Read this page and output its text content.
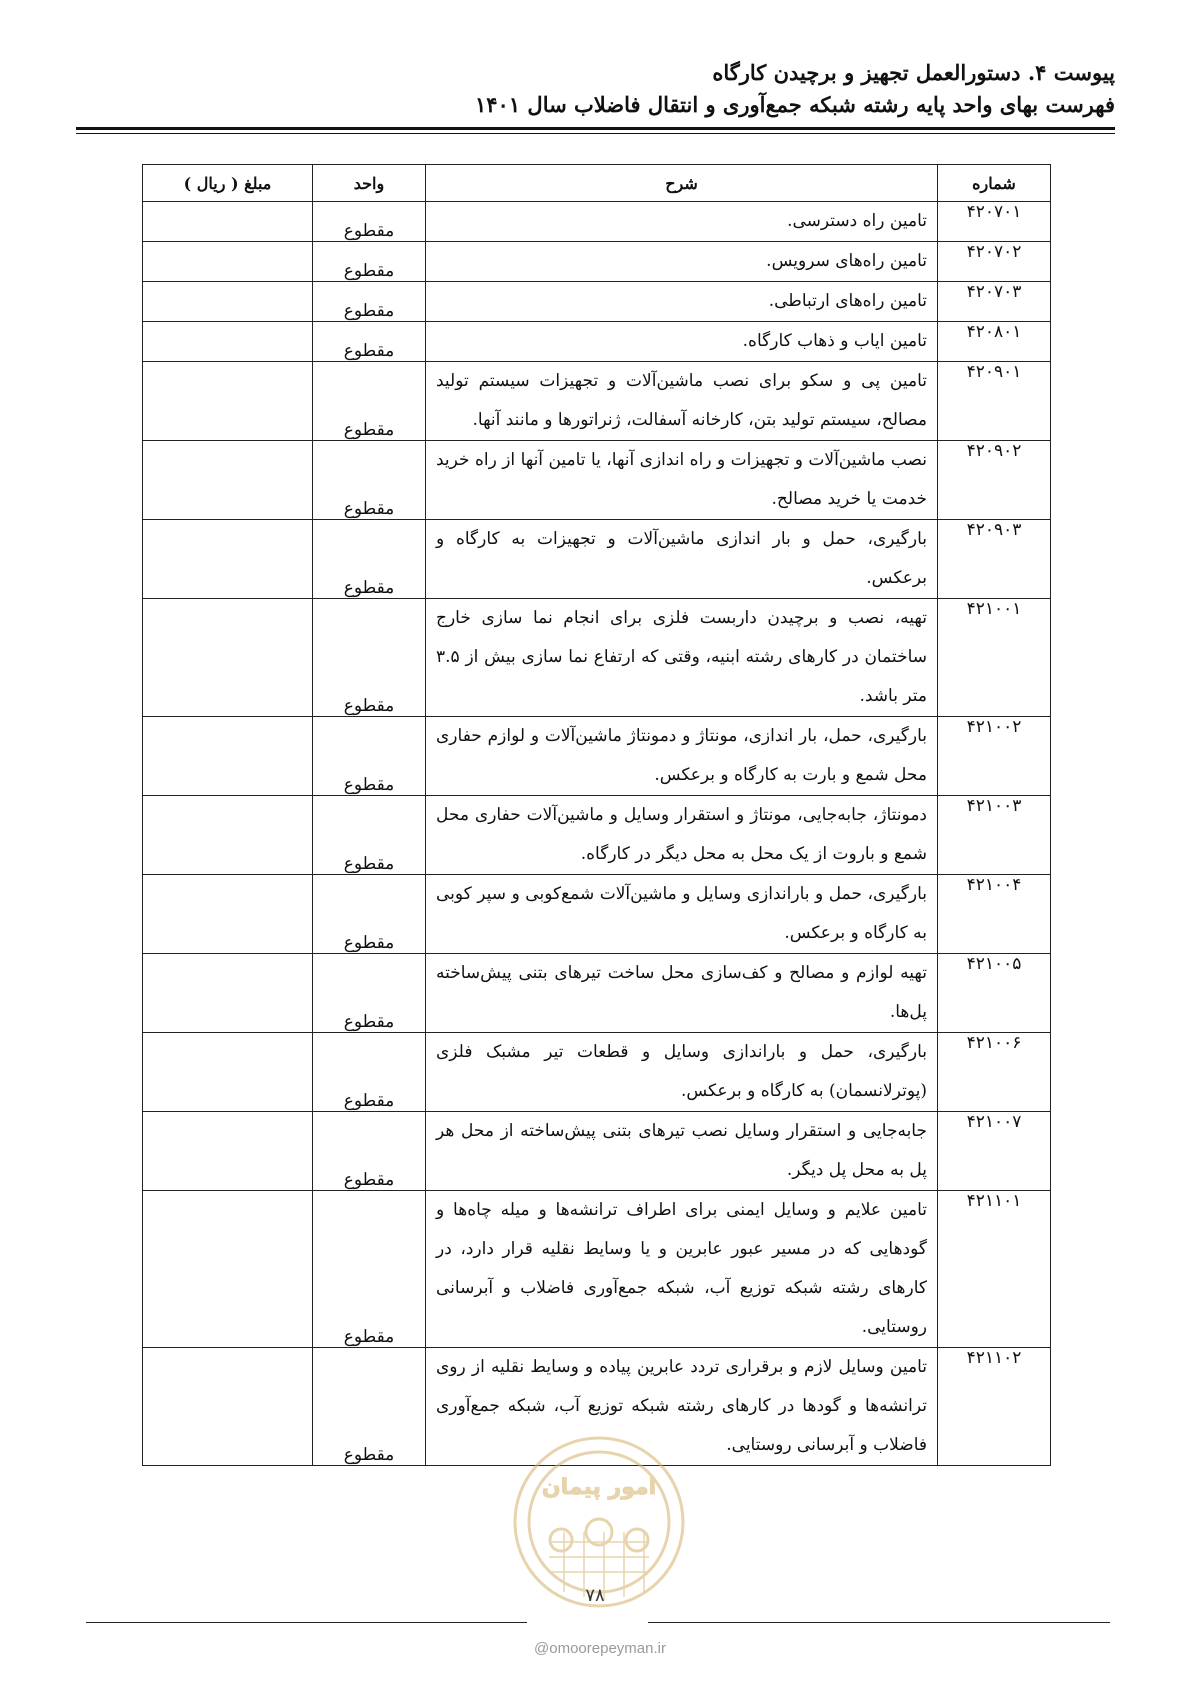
پیوست ۴. دستورالعمل تجهیز و برچیدن کارگاه
فهرست بهای واحد پایه رشته شبکه جمع‌آوری و انتقال فاضلاب سال ۱۴۰۱
شماره	شرح	واحد	مبلغ ( ریال )
۴۲۰۷۰۱	تامین راه دسترسی.	مقطوع	
۴۲۰۷۰۲	تامین راه‌های سرویس.	مقطوع	
۴۲۰۷۰۳	تامین راه‌های ارتباطی.	مقطوع	
۴۲۰۸۰۱	تامین ایاب و ذهاب کارگاه.	مقطوع	
۴۲۰۹۰۱	تامین پی و سکو برای نصب ماشین‌آلات و تجهیزات سیستم تولید مصالح، سیستم تولید بتن، کارخانه آسفالت، ژنراتورها و مانند آنها.	مقطوع	
۴۲۰۹۰۲	نصب ماشین‌آلات و تجهیزات و راه اندازی آنها، یا تامین آنها از راه خرید خدمت یا خرید مصالح.	مقطوع	
۴۲۰۹۰۳	بارگیری، حمل و بار اندازی ماشین‌آلات و تجهیزات به کارگاه و برعکس.	مقطوع	
۴۲۱۰۰۱	تهیه، نصب و برچیدن داربست فلزی برای انجام نما سازی خارج ساختمان در کارهای رشته ابنیه، وقتی که ارتفاع نما سازی بیش از ۳.۵ متر باشد.	مقطوع	
۴۲۱۰۰۲	بارگیری، حمل، بار اندازی، مونتاژ و دمونتاژ ماشین‌آلات و لوازم حفاری محل شمع و بارت به کارگاه و برعکس.	مقطوع	
۴۲۱۰۰۳	دمونتاژ، جابه‌جایی، مونتاژ و استقرار وسایل و ماشین‌آلات حفاری محل شمع و باروت از یک محل به محل دیگر در کارگاه.	مقطوع	
۴۲۱۰۰۴	بارگیری، حمل و باراندازی وسایل و ماشین‌آلات شمع‌کوبی و سپر کوبی به کارگاه و برعکس.	مقطوع	
۴۲۱۰۰۵	تهیه لوازم و مصالح و کف‌سازی محل ساخت تیرهای بتنی پیش‌ساخته پل‌ها.	مقطوع	
۴۲۱۰۰۶	بارگیری، حمل و باراندازی وسایل و قطعات تیر مشبک فلزی (پوترلانسمان) به کارگاه و برعکس.	مقطوع	
۴۲۱۰۰۷	جابه‌جایی و استقرار وسایل نصب تیرهای بتنی پیش‌ساخته از محل هر پل به محل پل دیگر.	مقطوع	
۴۲۱۱۰۱	تامین علایم و وسایل ایمنی برای اطراف ترانشه‌ها و میله چاه‌ها و گودهایی که در مسیر عبور عابرین و یا وسایط نقلیه قرار دارد، در کارهای رشته شبکه توزیع آب، شبکه جمع‌آوری فاضلاب و آبرسانی روستایی.	مقطوع	
۴۲۱۱۰۲	تامین وسایل لازم و برقراری تردد عابرین پیاده و وسایط نقلیه از روی ترانشه‌ها و گودها در کارهای رشته شبکه توزیع آب، شبکه جمع‌آوری فاضلاب و آبرسانی روستایی.	مقطوع	
امور پیمان
۷۸
@omoorepeyman.ir
